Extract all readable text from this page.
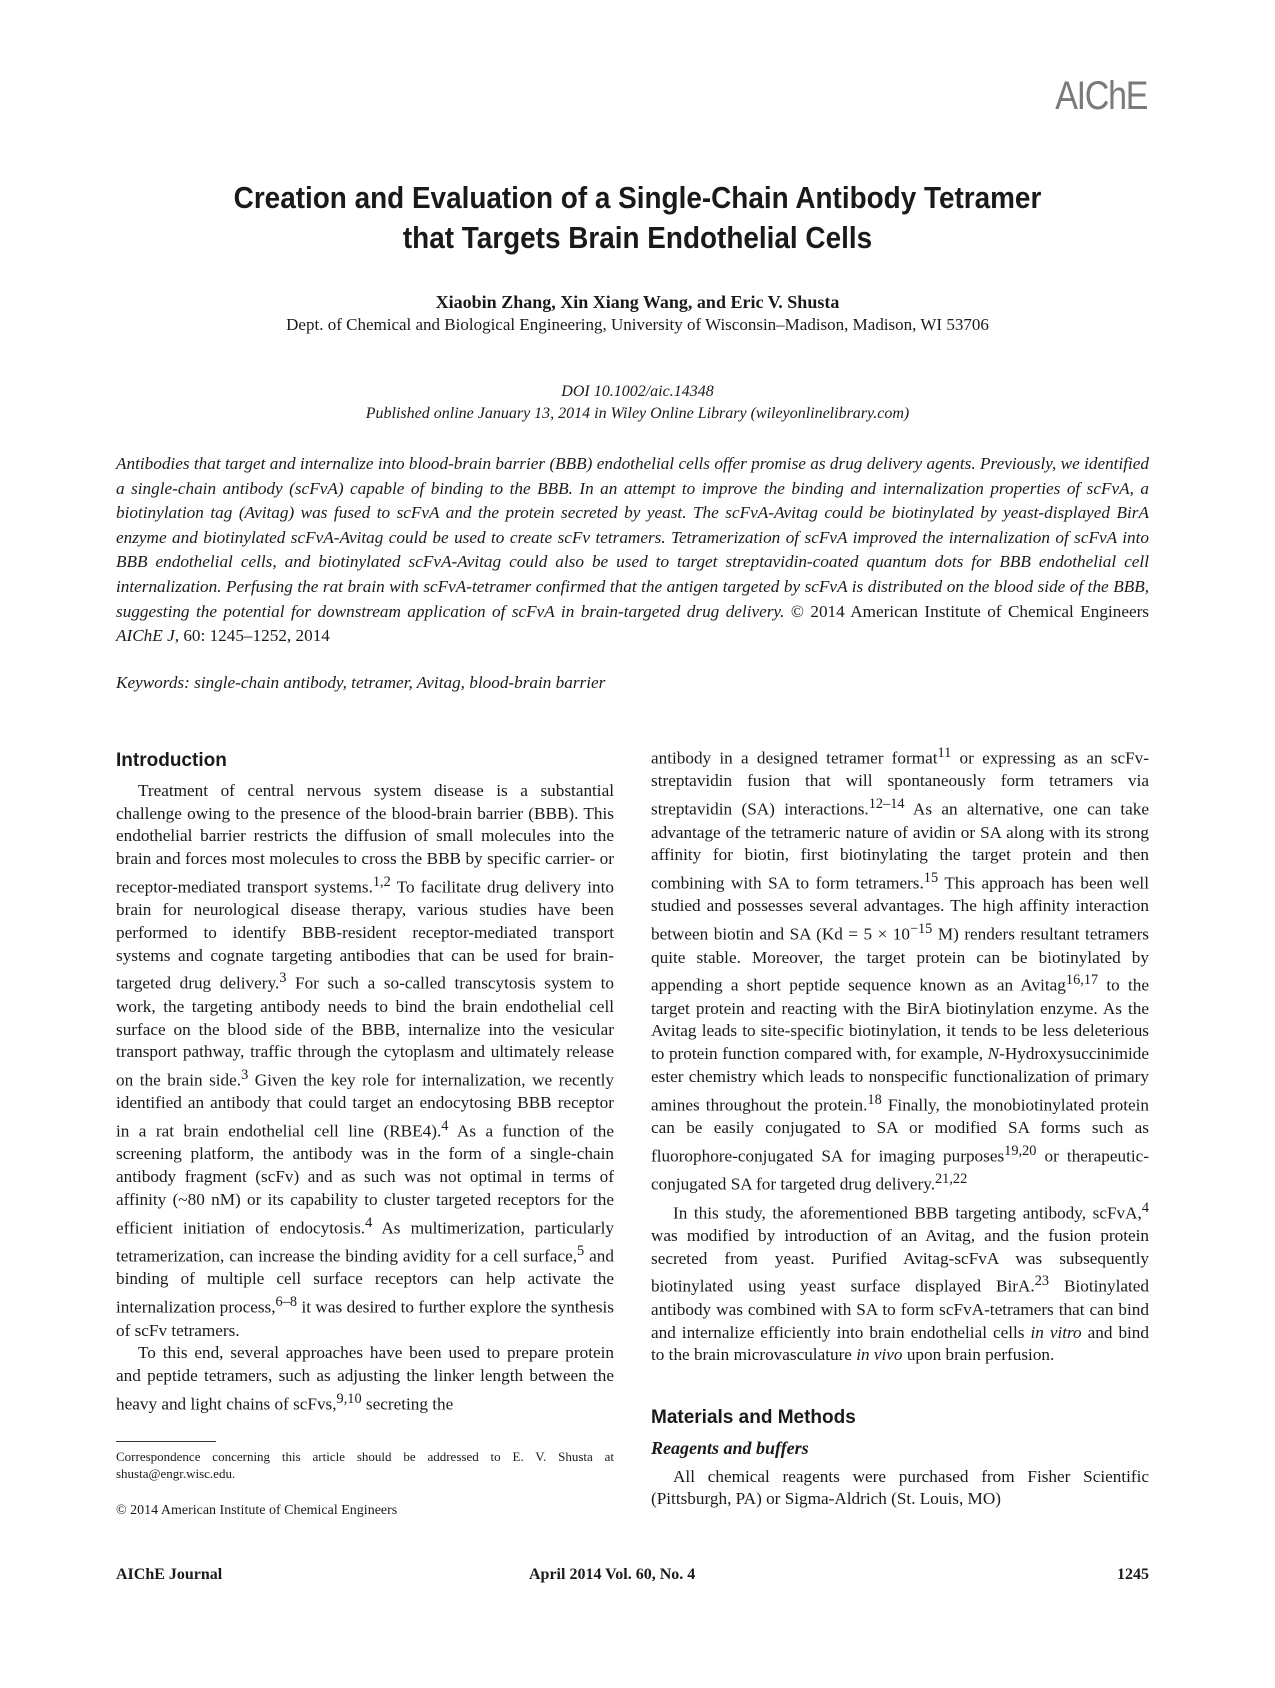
AIChE
Creation and Evaluation of a Single-Chain Antibody Tetramer
that Targets Brain Endothelial Cells
Xiaobin Zhang, Xin Xiang Wang, and Eric V. Shusta
Dept. of Chemical and Biological Engineering, University of Wisconsin–Madison, Madison, WI 53706
DOI 10.1002/aic.14348
Published online January 13, 2014 in Wiley Online Library (wileyonlinelibrary.com)
Antibodies that target and internalize into blood-brain barrier (BBB) endothelial cells offer promise as drug delivery agents. Previously, we identified a single-chain antibody (scFvA) capable of binding to the BBB. In an attempt to improve the binding and internalization properties of scFvA, a biotinylation tag (Avitag) was fused to scFvA and the protein secreted by yeast. The scFvA-Avitag could be biotinylated by yeast-displayed BirA enzyme and biotinylated scFvA-Avitag could be used to create scFv tetramers. Tetramerization of scFvA improved the internalization of scFvA into BBB endothelial cells, and biotinylated scFvA-Avitag could also be used to target streptavidin-coated quantum dots for BBB endothelial cell internalization. Perfusing the rat brain with scFvA-tetramer confirmed that the antigen targeted by scFvA is distributed on the blood side of the BBB, suggesting the potential for downstream application of scFvA in brain-targeted drug delivery. © 2014 American Institute of Chemical Engineers AIChE J, 60: 1245–1252, 2014
Keywords: single-chain antibody, tetramer, Avitag, blood-brain barrier
Introduction

Treatment of central nervous system disease is a substantial challenge owing to the presence of the blood-brain barrier (BBB). This endothelial barrier restricts the diffusion of small molecules into the brain and forces most molecules to cross the BBB by specific carrier- or receptor-mediated transport systems.$^{1,2}$ To facilitate drug delivery into brain for neurological disease therapy, various studies have been performed to identify BBB-resident receptor-mediated transport systems and cognate targeting antibodies that can be used for brain-targeted drug delivery.$^3$ For such a so-called transcytosis system to work, the targeting antibody needs to bind the brain endothelial cell surface on the blood side of the BBB, internalize into the vesicular transport pathway, traffic through the cytoplasm and ultimately release on the brain side.$^3$ Given the key role for internalization, we recently identified an antibody that could target an endocytosing BBB receptor in a rat brain endothelial cell line (RBE4).$^4$ As a function of the screening platform, the antibody was in the form of a single-chain antibody fragment (scFv) and as such was not optimal in terms of affinity (~80 nM) or its capability to cluster targeted receptors for the efficient initiation of endocytosis.$^4$ As multimerization, particularly tetramerization, can increase the binding avidity for a cell surface,$^5$ and binding of multiple cell surface receptors can help activate the internalization process,$^{6-8}$ it was desired to further explore the synthesis of scFv tetramers.

To this end, several approaches have been used to prepare protein and peptide tetramers, such as adjusting the linker length between the heavy and light chains of scFvs,$^{9,10}$ secreting the

antibody in a designed tetramer format$^{11}$ or expressing as an scFv-streptavidin fusion that will spontaneously form tetramers via streptavidin (SA) interactions.$^{12-14}$ As an alternative, one can take advantage of the tetrameric nature of avidin or SA along with its strong affinity for biotin, first biotinylating the target protein and then combining with SA to form tetramers.$^{15}$ This approach has been well studied and possesses several advantages. The high affinity interaction between biotin and SA ($Kd = 5 \times 10^{-15}$ M) renders resultant tetramers quite stable. Moreover, the target protein can be biotinylated by appending a short peptide sequence known as an Avitag$^{16,17}$ to the target protein and reacting with the BirA biotinylation enzyme. As the Avitag leads to site-specific biotinylation, it tends to be less deleterious to protein function compared with, for example, N-Hydroxysuccinimide ester chemistry which leads to nonspecific functionalization of primary amines throughout the protein.$^{18}$ Finally, the monobiotinylated protein can be easily conjugated to SA or modified SA forms such as fluorophore-conjugated SA for imaging purposes$^{19,20}$ or therapeutic-conjugated SA for targeted drug delivery.$^{21,22}$

In this study, the aforementioned BBB targeting antibody, scFvA,$^4$ was modified by introduction of an Avitag, and the fusion protein secreted from yeast. Purified Avitag-scFvA was subsequently biotinylated using yeast surface displayed BirA.$^{23}$ Biotinylated antibody was combined with SA to form scFvA-tetramers that can bind and internalize efficiently into brain endothelial cells in vitro and bind to the brain microvasculature in vivo upon brain perfusion.

Materials and Methods
Reagents and buffers

All chemical reagents were purchased from Fisher Scientific (Pittsburgh, PA) or Sigma-Aldrich (St. Louis, MO)

Correspondence concerning this article should be addressed to E. V. Shusta at shusta@engr.wisc.edu.
© 2014 American Institute of Chemical Engineers
AIChE Journal	April 2014 Vol. 60, No. 4	1245
